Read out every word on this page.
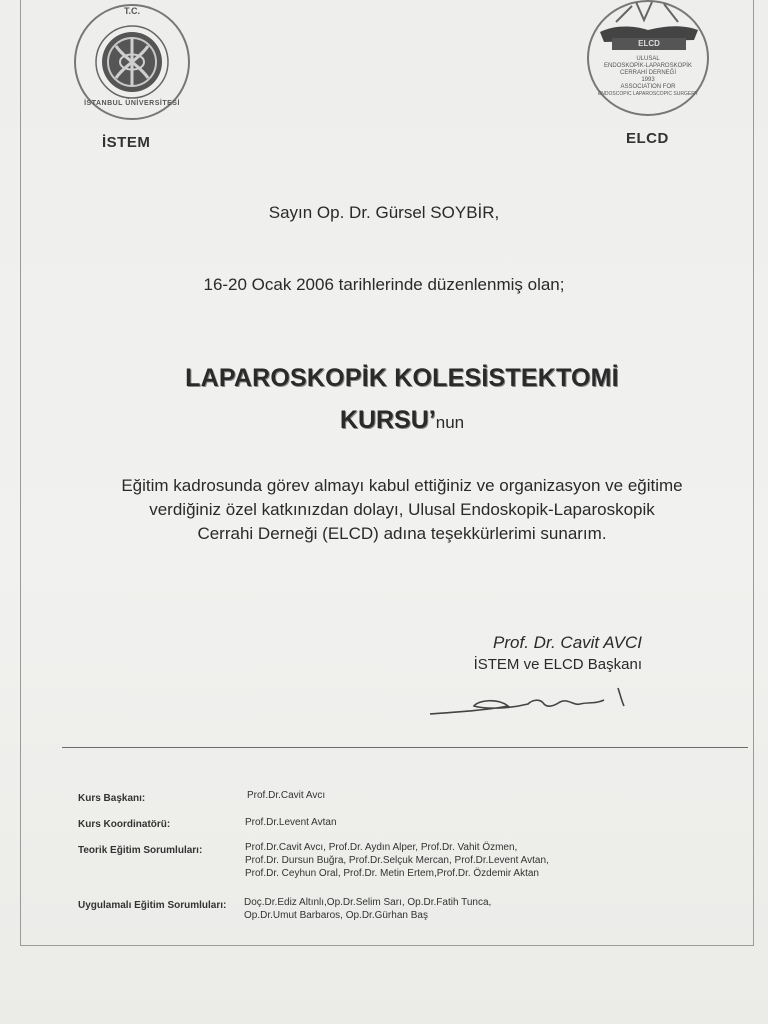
T.C.
İSTANBUL ÜNİVERSİTESİ
İSTEM
ELCD
ULUSAL
ENDOSKOPİK-LAPAROSKOPİK
CERRAHİ DERNEĞİ
1993
ASSOCIATION FOR
ENDOSCOPIC LAPAROSCOPIC SURGERY
ELCD
Sayın Op. Dr. Gürsel SOYBİR,
16-20 Ocak 2006 tarihlerinde düzenlenmiş olan;
LAPAROSKOPİK KOLESİSTEKTOMİ
KURSU’nun
Eğitim kadrosunda görev almayı kabul ettiğiniz ve organizasyon ve eğitime
verdiğiniz özel katkınızdan dolayı, Ulusal Endoskopik-Laparoskopik
Cerrahi Derneği (ELCD) adına teşekkürlerimi sunarım.
Prof. Dr. Cavit AVCI
İSTEM ve ELCD Başkanı
Kurs Başkanı:	Prof.Dr.Cavit Avcı
Kurs Koordinatörü:	Prof.Dr.Levent Avtan
Teorik Eğitim Sorumluları:	Prof.Dr.Cavit Avcı, Prof.Dr. Aydın Alper, Prof.Dr. Vahit Özmen,
Prof.Dr. Dursun Buğra, Prof.Dr.Selçuk Mercan, Prof.Dr.Levent Avtan,
Prof.Dr. Ceyhun Oral, Prof.Dr. Metin Ertem,Prof.Dr. Özdemir Aktan
Uygulamalı Eğitim Sorumluları: Doç.Dr.Ediz Altınlı,Op.Dr.Selim Sarı, Op.Dr.Fatih Tunca,
Op.Dr.Umut Barbaros, Op.Dr.Gürhan Baş
